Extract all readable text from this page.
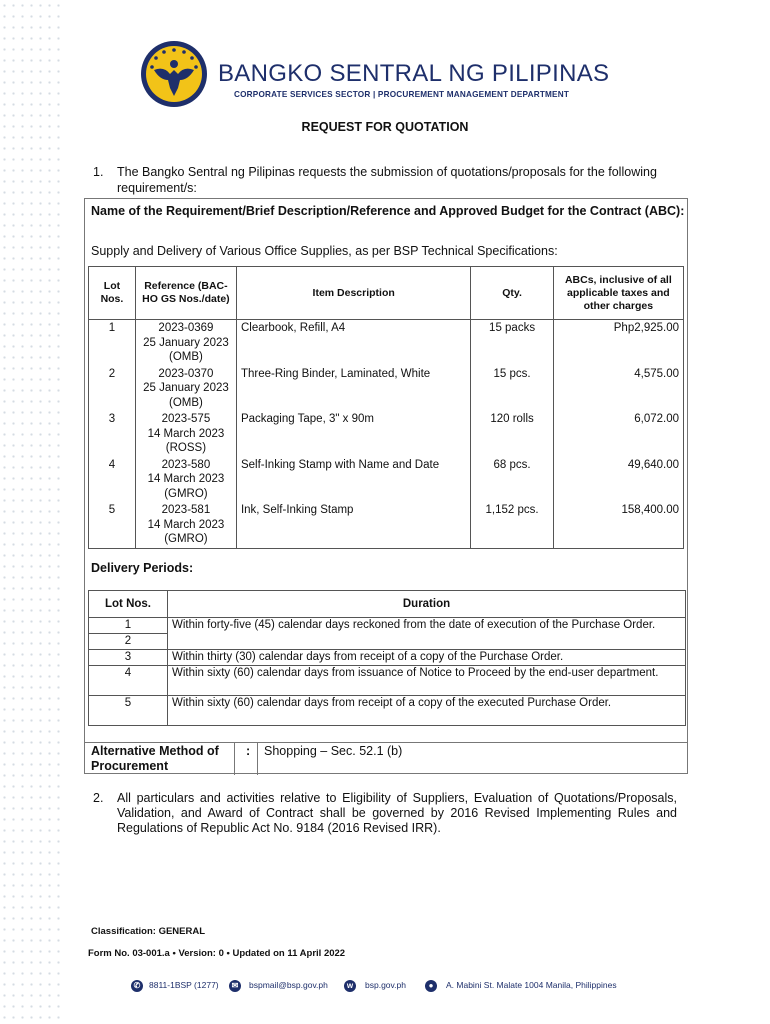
BANGKO SENTRAL NG PILIPINAS
CORPORATE SERVICES SECTOR | PROCUREMENT MANAGEMENT DEPARTMENT
REQUEST FOR QUOTATION
1. The Bangko Sentral ng Pilipinas requests the submission of quotations/proposals for the following requirement/s:
Name of the Requirement/Brief Description/Reference and Approved Budget for the Contract (ABC):
Supply and Delivery of Various Office Supplies, as per BSP Technical Specifications:
Lot Nos.	Reference (BAC-HO GS Nos./date)	Item Description	Qty.	ABCs, inclusive of all applicable taxes and other charges
1	2023-0369
25 January 2023
(OMB)	Clearbook, Refill, A4	15 packs	Php2,925.00
2	2023-0370
25 January 2023
(OMB)	Three-Ring Binder, Laminated, White	15 pcs.	4,575.00
3	2023-575
14 March 2023
(ROSS)	Packaging Tape, 3" x 90m	120 rolls	6,072.00
4	2023-580
14 March 2023
(GMRO)	Self-Inking Stamp with Name and Date	68 pcs.	49,640.00
5	2023-581
14 March 2023
(GMRO)	Ink, Self-Inking Stamp	1,152 pcs.	158,400.00
Delivery Periods:
Lot Nos.	Duration
1	Within forty-five (45) calendar days reckoned from the date of execution of the Purchase Order.
2	
3	Within thirty (30) calendar days from receipt of a copy of the Purchase Order.
4	Within sixty (60) calendar days from issuance of Notice to Proceed by the end-user department.
5	Within sixty (60) calendar days from receipt of a copy of the executed Purchase Order.
Alternative Method of Procurement
: Shopping – Sec. 52.1 (b)
2. All particulars and activities relative to Eligibility of Suppliers, Evaluation of Quotations/Proposals, Validation, and Award of Contract shall be governed by 2016 Revised Implementing Rules and Regulations of Republic Act No. 9184 (2016 Revised IRR).
Classification: GENERAL
Form No. 03-001.a • Version: 0 • Updated on 11 April 2022
✆	8811-1BSP (1277)	✉	bspmail@bsp.gov.ph	w	bsp.gov.ph	●	A. Mabini St. Malate 1004 Manila, Philippines
